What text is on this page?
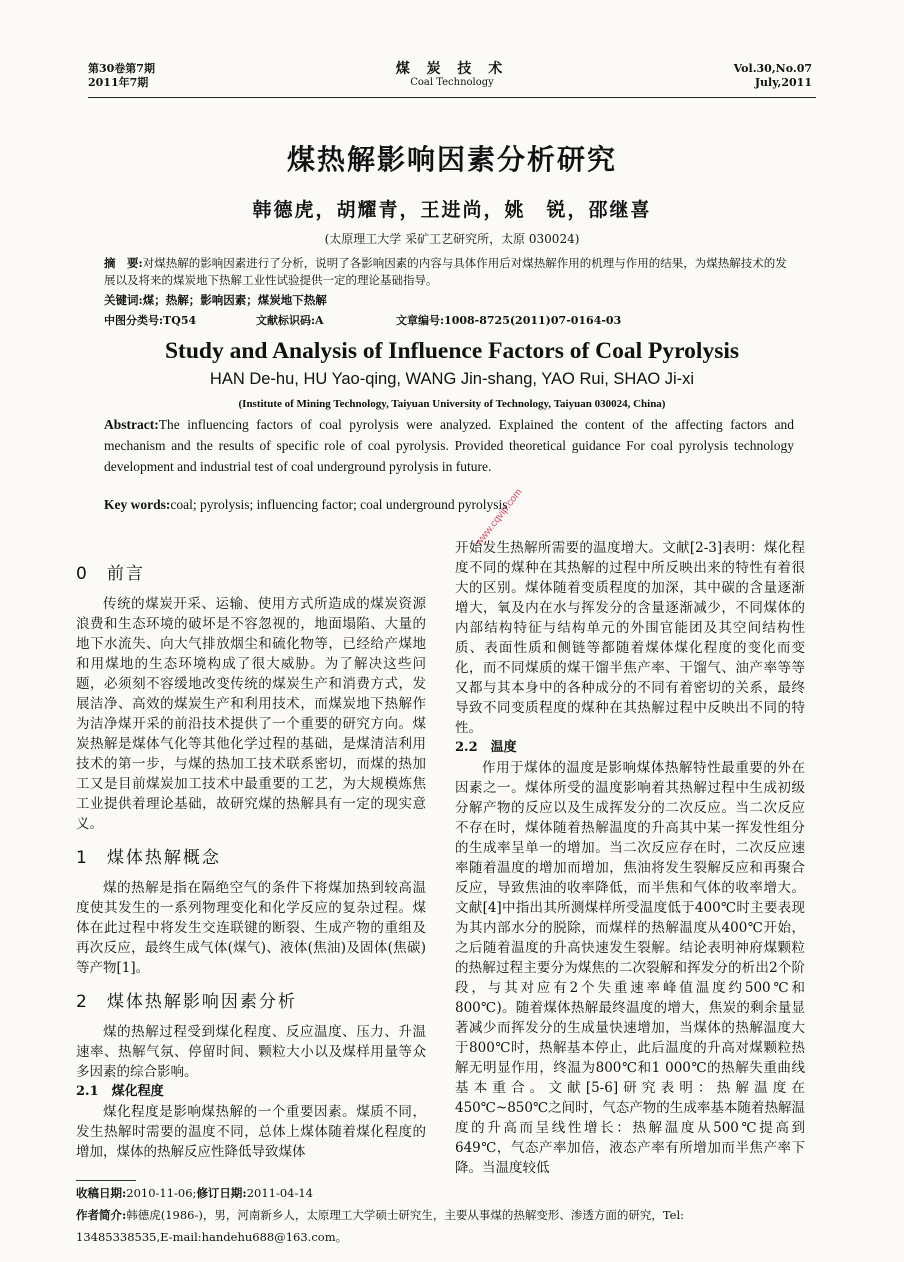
第30卷第7期
2011年7期
煤 炭 技 术
Coal Technology
Vol.30,No.07
July,2011
煤热解影响因素分析研究
韩德虎，胡耀青，王进尚，姚　锐，邵继喜
(太原理工大学 采矿工艺研究所，太原 030024)
摘　要:对煤热解的影响因素进行了分析，说明了各影响因素的内容与具体作用后对煤热解作用的机理与作用的结果，为煤热解技术的发展以及将来的煤炭地下热解工业性试验提供一定的理论基础指导。
关键词:煤；热解；影响因素；煤炭地下热解
中图分类号:TQ54	文献标识码:A	文章编号:1008-8725(2011)07-0164-03
Study and Analysis of Influence Factors of Coal Pyrolysis
HAN De-hu, HU Yao-qing, WANG Jin-shang, YAO Rui, SHAO Ji-xi
(Institute of Mining Technology, Taiyuan University of Technology, Taiyuan 030024, China)
Abstract:The influencing factors of coal pyrolysis were analyzed. Explained the content of the affecting factors and mechanism and the results of specific role of coal pyrolysis. Provided theoretical guidance For coal pyrolysis technology development and industrial test of coal underground pyrolysis in future.
Key words:coal; pyrolysis; influencing factor; coal underground pyrolysis
www.cqvip.com
0 前言

传统的煤炭开采、运输、使用方式所造成的煤炭资源浪费和生态环境的破坏是不容忽视的，地面塌陷、大量的地下水流失、向大气排放烟尘和硫化物等，已经给产煤地和用煤地的生态环境构成了很大威胁。为了解决这些问题，必须刻不容缓地改变传统的煤炭生产和消费方式，发展洁净、高效的煤炭生产和利用技术，而煤炭地下热解作为洁净煤开采的前沿技术提供了一个重要的研究方向。煤炭热解是煤体气化等其他化学过程的基础，是煤清洁利用技术的第一步，与煤的热加工技术联系密切，而煤的热加工又是目前煤炭加工技术中最重要的工艺，为大规模炼焦工业提供着理论基础，故研究煤的热解具有一定的现实意义。

1 煤体热解概念

煤的热解是指在隔绝空气的条件下将煤加热到较高温度使其发生的一系列物理变化和化学反应的复杂过程。煤体在此过程中将发生交连联键的断裂、生成产物的重组及再次反应，最终生成气体(煤气)、液体(焦油)及固体(焦碳)等产物[1]。

2 煤体热解影响因素分析

煤的热解过程受到煤化程度、反应温度、压力、升温速率、热解气氛、停留时间、颗粒大小以及煤样用量等众多因素的综合影响。

2.1　煤化程度

煤化程度是影响煤热解的一个重要因素。煤质不同，发生热解时需要的温度不同，总体上煤体随着煤化程度的增加，煤体的热解反应性降低导致煤体

开始发生热解所需要的温度增大。文献[2-3]表明：煤化程度不同的煤种在其热解的过程中所反映出来的特性有着很大的区别。煤体随着变质程度的加深，其中碳的含量逐渐增大，氧及内在水与挥发分的含量逐渐减少，不同煤体的内部结构特征与结构单元的外围官能团及其空间结构性质、表面性质和侧链等都随着煤体煤化程度的变化而变化，而不同煤质的煤干馏半焦产率、干馏气、油产率等等又都与其本身中的各种成分的不同有着密切的关系，最终导致不同变质程度的煤种在其热解过程中反映出不同的特性。

2.2　温度

作用于煤体的温度是影响煤体热解特性最重要的外在因素之一。煤体所受的温度影响着其热解过程中生成初级分解产物的反应以及生成挥发分的二次反应。当二次反应不存在时，煤体随着热解温度的升高其中某一挥发性组分的生成率呈单一的增加。当二次反应存在时，二次反应速率随着温度的增加而增加，焦油将发生裂解反应和再聚合反应，导致焦油的收率降低，而半焦和气体的收率增大。文献[4]中指出其所测煤样所受温度低于400℃时主要表现为其内部水分的脱除，而煤样的热解温度从400℃开始，之后随着温度的升高快速发生裂解。结论表明神府煤颗粒的热解过程主要分为煤焦的二次裂解和挥发分的析出2个阶段，与其对应有2个失重速率峰值温度约500℃和800℃)。随着煤体热解最终温度的增大，焦炭的剩余量显著减少而挥发分的生成量快速增加，当煤体的热解温度大于800℃时，热解基本停止，此后温度的升高对煤颗粒热解无明显作用，终温为800℃和1 000℃的热解失重曲线基本重合。文献[5-6]研究表明：热解温度在450℃~850℃之间时，气态产物的生成率基本随着热解温度的升高而呈线性增长：热解温度从500℃提高到649℃，气态产率加倍，液态产率有所增加而半焦产率下降。当温度较低

收稿日期:2010-11-06;修订日期:2011-04-14
作者简介:韩德虎(1986-)，男，河南新乡人，太原理工大学硕士研究生，主要从事煤的热解变形、渗透方面的研究，Tel:
13485338535,E-mail:handehu688@163.com。
